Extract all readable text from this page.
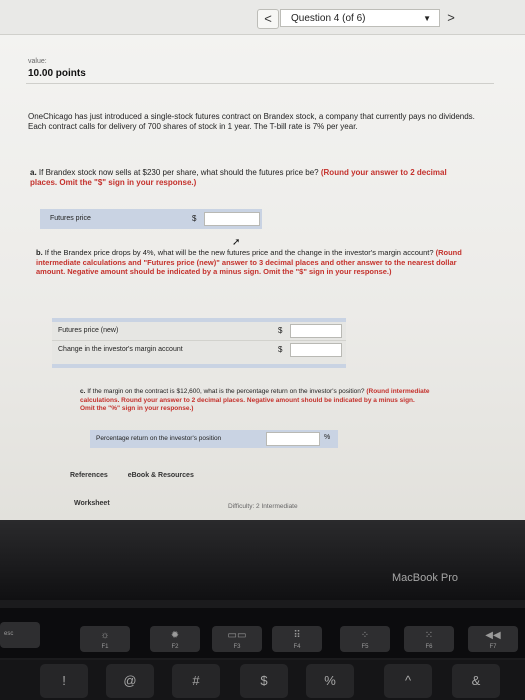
<	Question 4 (of 6)	▼	>
value:
10.00 points
OneChicago has just introduced a single-stock futures contract on Brandex stock, a company that currently pays no dividends. Each contract calls for delivery of 700 shares of stock in 1 year. The T-bill rate is 7% per year.
a. If Brandex stock now sells at $230 per share, what should the futures price be? (Round your answer to 2 decimal places. Omit the "$" sign in your response.)
Futures price	$
➚
b. If the Brandex price drops by 4%, what will be the new futures price and the change in the investor's margin account? (Round intermediate calculations and "Futures price (new)" answer to 3 decimal places and other answer to the nearest dollar amount. Negative amount should be indicated by a minus sign. Omit the "$" sign in your response.)
Futures price (new)	$
Change in the investor's margin account	$
c. If the margin on the contract is $12,600, what is the percentage return on the investor's position? (Round intermediate calculations. Round your answer to 2 decimal places. Negative amount should be indicated by a minus sign. Omit the "%" sign in your response.)
Percentage return on the investor's position	%
References	eBook & Resources
Worksheet	Difficulty: 2 Intermediate
MacBook Pro
esc	☼
F1
✹
F2
▭▭
F3
⠿
F4
⁘
F5
⁙
F6
◀◀
F7
!	@	#	$	%	^	&
